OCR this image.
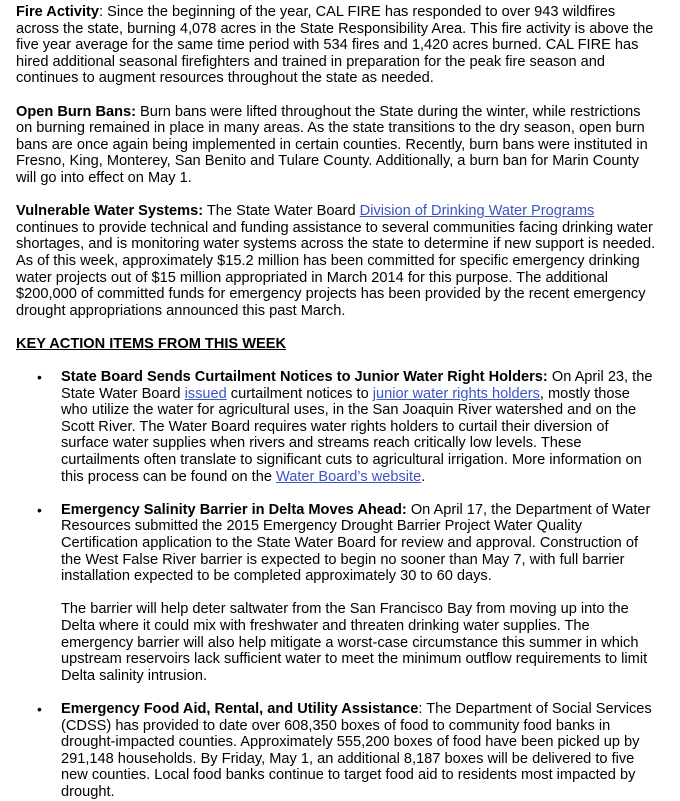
Fire Activity: Since the beginning of the year, CAL FIRE has responded to over 943 wildfires across the state, burning 4,078 acres in the State Responsibility Area. This fire activity is above the five year average for the same time period with 534 fires and 1,420 acres burned. CAL FIRE has hired additional seasonal firefighters and trained in preparation for the peak fire season and continues to augment resources throughout the state as needed.

Open Burn Bans: Burn bans were lifted throughout the State during the winter, while restrictions on burning remained in place in many areas. As the state transitions to the dry season, open burn bans are once again being implemented in certain counties. Recently, burn bans were instituted in Fresno, King, Monterey, San Benito and Tulare County. Additionally, a burn ban for Marin County will go into effect on May 1.

Vulnerable Water Systems: The State Water Board Division of Drinking Water Programs continues to provide technical and funding assistance to several communities facing drinking water shortages, and is monitoring water systems across the state to determine if new support is needed. As of this week, approximately $15.2 million has been committed for specific emergency drinking water projects out of $15 million appropriated in March 2014 for this purpose. The additional $200,000 of committed funds for emergency projects has been provided by the recent emergency drought appropriations announced this past March.

KEY ACTION ITEMS FROM THIS WEEK

• State Board Sends Curtailment Notices to Junior Water Right Holders: On April 23, the State Water Board issued curtailment notices to junior water rights holders, mostly those who utilize the water for agricultural uses, in the San Joaquin River watershed and on the Scott River. The Water Board requires water rights holders to curtail their diversion of surface water supplies when rivers and streams reach critically low levels. These curtailments often translate to significant cuts to agricultural irrigation. More information on this process can be found on the Water Board’s website.
• Emergency Salinity Barrier in Delta Moves Ahead: On April 17, the Department of Water Resources submitted the 2015 Emergency Drought Barrier Project Water Quality Certification application to the State Water Board for review and approval. Construction of the West False River barrier is expected to begin no sooner than May 7, with full barrier installation expected to be completed approximately 30 to 60 days.

The barrier will help deter saltwater from the San Francisco Bay from moving up into the Delta where it could mix with freshwater and threaten drinking water supplies. The emergency barrier will also help mitigate a worst-case circumstance this summer in which upstream reservoirs lack sufficient water to meet the minimum outflow requirements to limit Delta salinity intrusion.

• Emergency Food Aid, Rental, and Utility Assistance: The Department of Social Services (CDSS) has provided to date over 608,350 boxes of food to community food banks in drought-impacted counties. Approximately 555,200 boxes of food have been picked up by 291,148 households. By Friday, May 1, an additional 8,187 boxes will be delivered to five new counties. Local food banks continue to target food aid to residents most impacted by drought.
